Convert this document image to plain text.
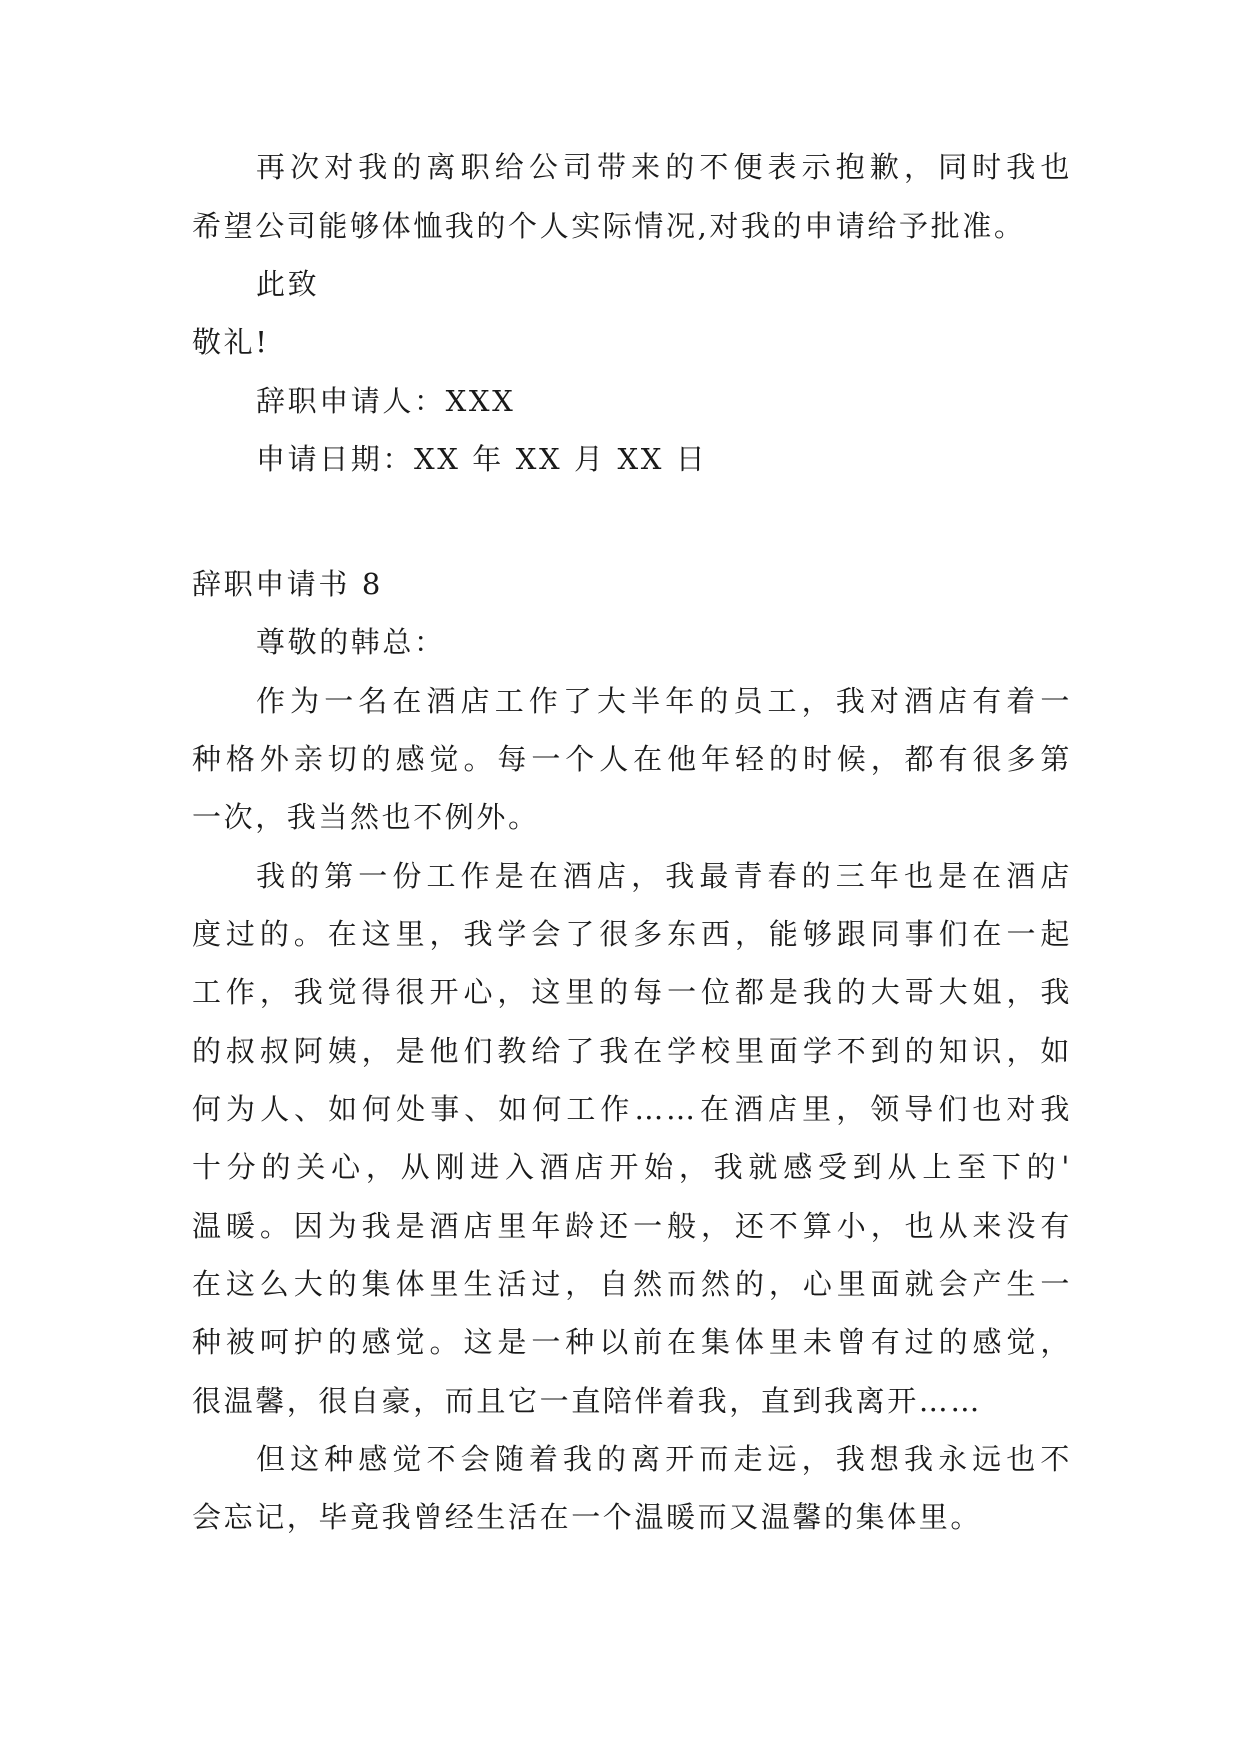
再次对我的离职给公司带来的不便表示抱歉，同时我也
希望公司能够体恤我的个人实际情况,对我的申请给予批准。
此致
敬礼!
辞职申请人：XXX
申请日期：XX 年 XX 月 XX 日
辞职申请书 8
尊敬的韩总：
作为一名在酒店工作了大半年的员工，我对酒店有着一
种格外亲切的感觉。每一个人在他年轻的时候，都有很多第
一次，我当然也不例外。
我的第一份工作是在酒店，我最青春的三年也是在酒店
度过的。在这里，我学会了很多东西，能够跟同事们在一起
工作，我觉得很开心，这里的每一位都是我的大哥大姐，我
的叔叔阿姨，是他们教给了我在学校里面学不到的知识，如
何为人、如何处事、如何工作……在酒店里，领导们也对我
十分的关心，从刚进入酒店开始，我就感受到从上至下的'
温暖。因为我是酒店里年龄还一般，还不算小，也从来没有
在这么大的集体里生活过，自然而然的，心里面就会产生一
种被呵护的感觉。这是一种以前在集体里未曾有过的感觉，
很温馨，很自豪，而且它一直陪伴着我，直到我离开……
但这种感觉不会随着我的离开而走远，我想我永远也不
会忘记，毕竟我曾经生活在一个温暖而又温馨的集体里。
